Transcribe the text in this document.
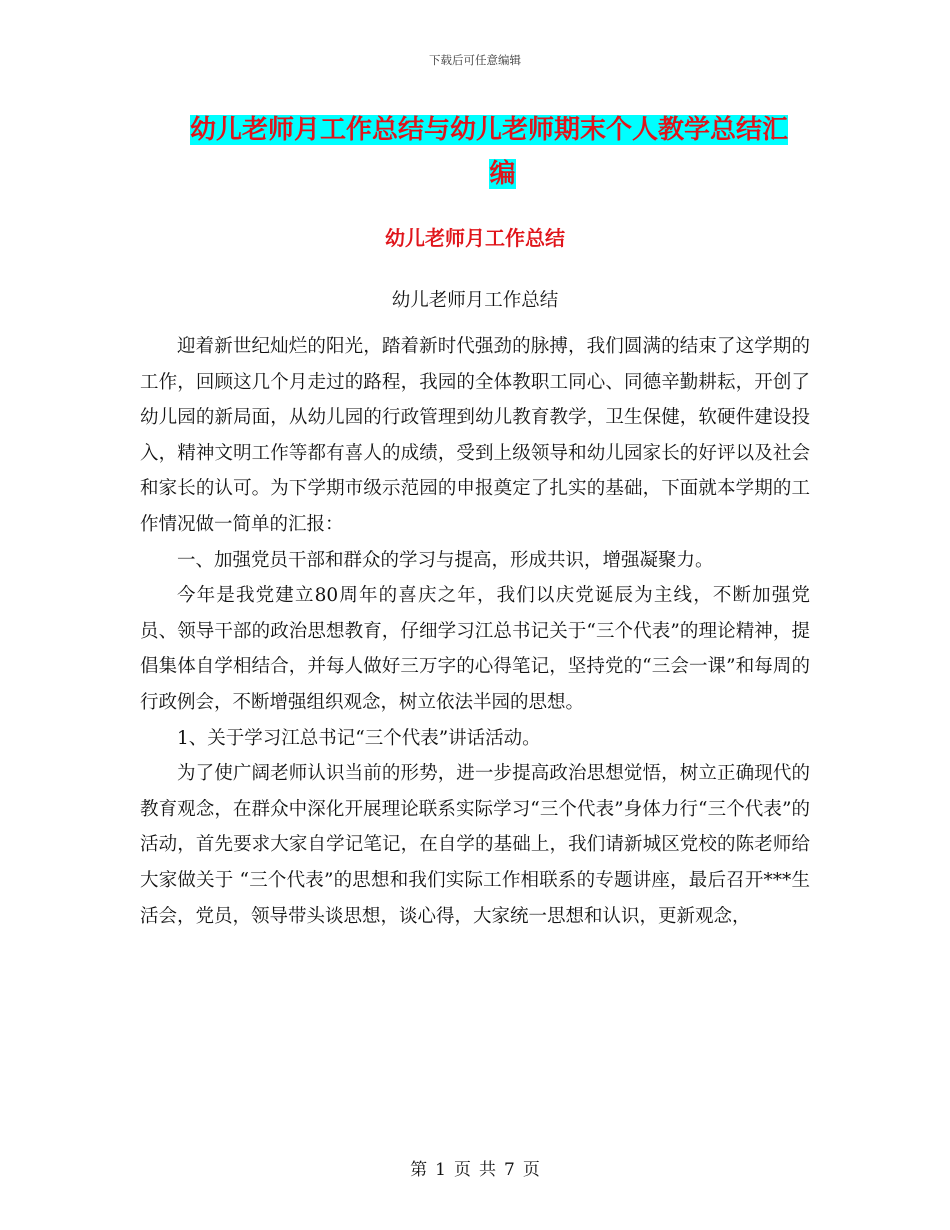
下载后可任意编辑
幼儿老师月工作总结与幼儿老师期末个人教学总结汇
编
幼儿老师月工作总结
幼儿老师月工作总结

迎着新世纪灿烂的阳光，踏着新时代强劲的脉搏，我们圆满的结束了这学期的工作，回顾这几个月走过的路程，我园的全体教职工同心、同德辛勤耕耘，开创了幼儿园的新局面，从幼儿园的行政管理到幼儿教育教学，卫生保健，软硬件建设投入，精神文明工作等都有喜人的成绩，受到上级领导和幼儿园家长的好评以及社会和家长的认可。为下学期市级示范园的申报奠定了扎实的基础，下面就本学期的工作情况做一简单的汇报：

一、加强党员干部和群众的学习与提高，形成共识，增强凝聚力。

今年是我党建立80周年的喜庆之年，我们以庆党诞辰为主线，不断加强党员、领导干部的政治思想教育，仔细学习江总书记关于“三个代表”的理论精神，提倡集体自学相结合，并每人做好三万字的心得笔记，坚持党的“三会一课”和每周的行政例会，不断增强组织观念，树立依法半园的思想。

1、关于学习江总书记“三个代表”讲话活动。

为了使广阔老师认识当前的形势，进一步提高政治思想觉悟，树立正确现代的教育观念，在群众中深化开展理论联系实际学习“三个代表”身体力行“三个代表”的活动，首先要求大家自学记笔记，在自学的基础上，我们请新城区党校的陈老师给大家做关于 “三个代表”的思想和我们实际工作相联系的专题讲座，最后召开***生活会，党员，领导带头谈思想，谈心得，大家统一思想和认识，更新观念，

第 1 页 共 7 页
